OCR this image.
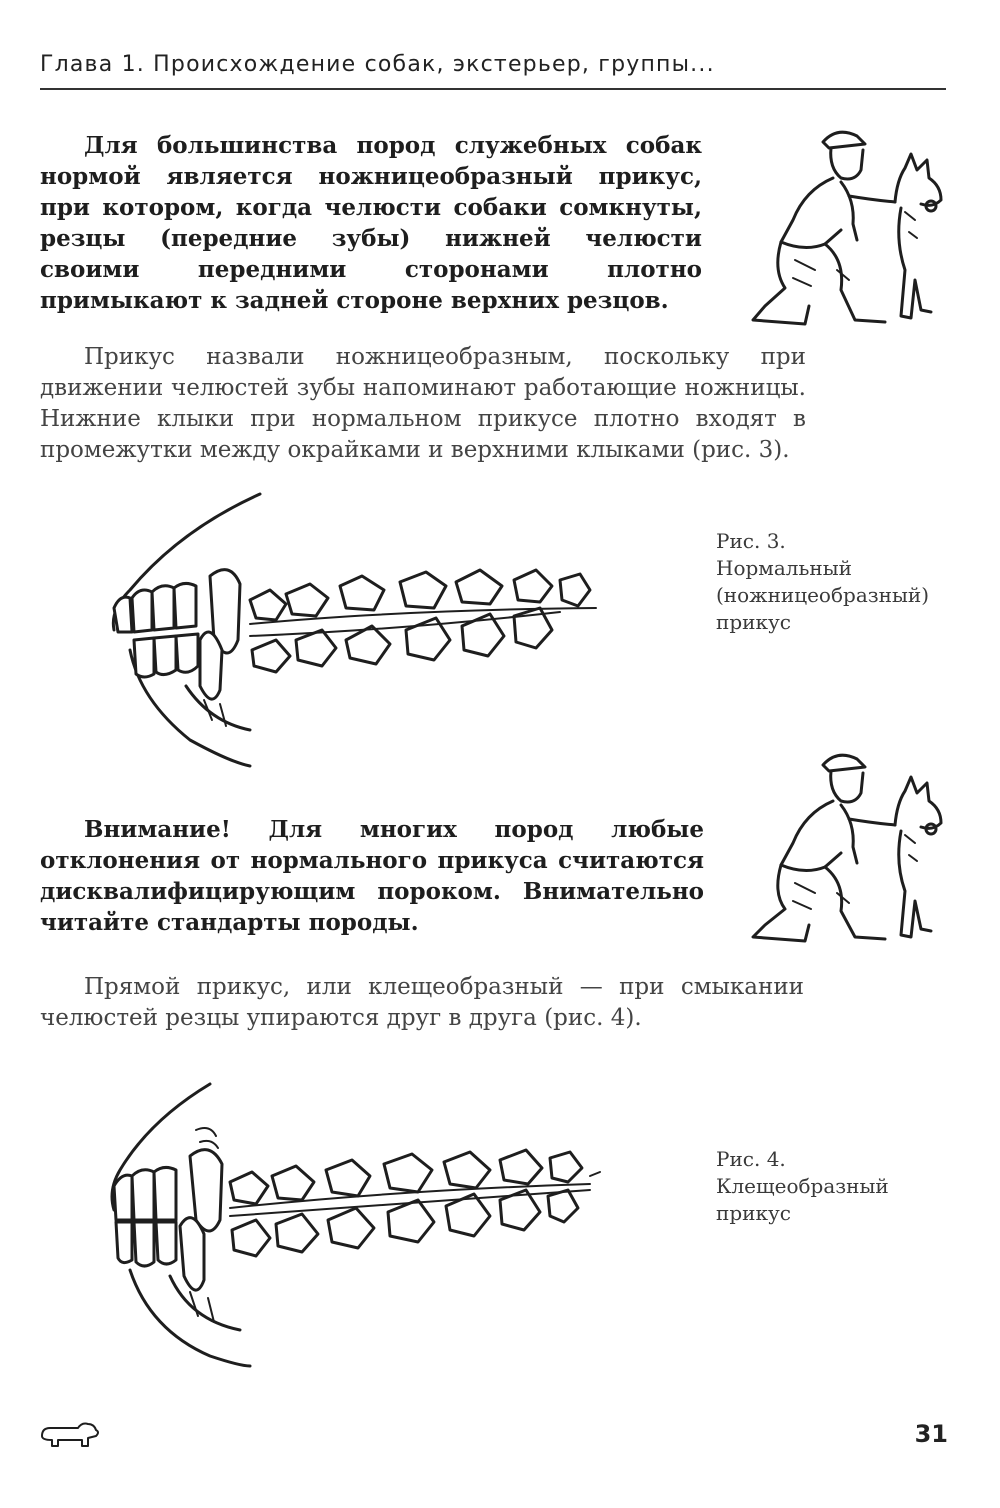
Глава 1. Происхождение собак, экстерьер, группы...
Для большинства пород служебных собак нормой является ножницеобразный прикус, при котором, когда челюсти собаки сомкнуты, резцы (передние зубы) нижней челюсти своими передними сторонами плотно примыкают к задней стороне верхних резцов.
Прикус назвали ножницеобразным, поскольку при движении челюстей зубы напоминают работающие ножницы. Нижние клыки при нормальном прикусе плотно входят в промежутки между окрайками и верхними клыками (рис. 3).
Рис. 3.
Нормальный
(ножницеобразный)
прикус
Внимание! Для многих пород любые отклонения от нормального прикуса считаются дисквалифицирующим пороком. Внимательно читайте стандарты породы.
Прямой прикус, или клещеобразный — при смыкании челюстей резцы упираются друг в друга (рис. 4).
Рис. 4.
Клещеобразный
прикус
31
